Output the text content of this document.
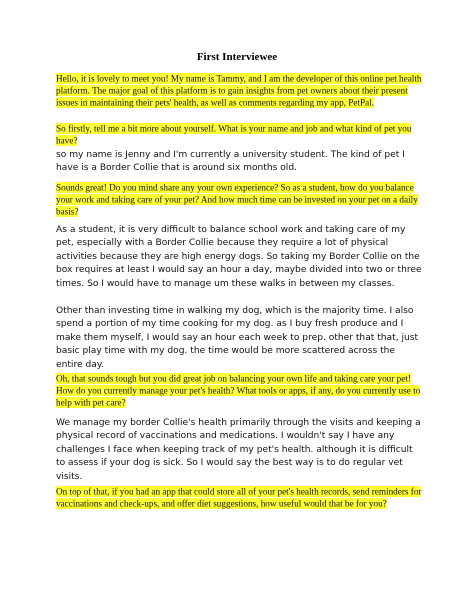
First Interviewee
Hello, it is lovely to meet you! My name is Tammy, and I am the developer of this online pet health platform. The major goal of this platform is to gain insights from pet owners about their present issues in maintaining their pets' health, as well as comments regarding my app, PetPal.
So firstly, tell me a bit more about yourself. What is your name and job and what kind of pet you have?
so my name is Jenny and I'm currently a university student. The kind of pet I have is a Border Collie that is around six months old.
Sounds great! Do you mind share any your own experience? So as a student, how do you balance your work and taking care of your pet? And how much time can be invested on your pet on a daily basis?
As a student, it is very difficult to balance school work and taking care of my pet, especially with a Border Collie because they require a lot of physical activities because they are high energy dogs. So taking my Border Collie on the box requires at least I would say an hour a day, maybe divided into two or three times. So I would have to manage um these walks in between my classes.
Other than investing time in walking my dog, which is the majority time. I also spend a portion of my time cooking for my dog. as I buy fresh produce and I make them myself, I would say an hour each week to prep. other that that, just basic play time with my dog. the time would be more scattered across the entire day.
Oh, that sounds tough but you did great job on balancing your own life and taking care your pet! How do you currently manage your pet's health? What tools or apps, if any, do you currently use to help with pet care?
We manage my border Collie's health primarily through the visits and keeping a physical record of vaccinations and medications. I wouldn't say I have any challenges I face when keeping track of my pet's health. although it is difficult to assess if your dog is sick. So I would say the best way is to do regular vet visits.
On top of that, if you had an app that could store all of your pet's health records, send reminders for vaccinations and check-ups, and offer diet suggestions, how useful would that be for you?
